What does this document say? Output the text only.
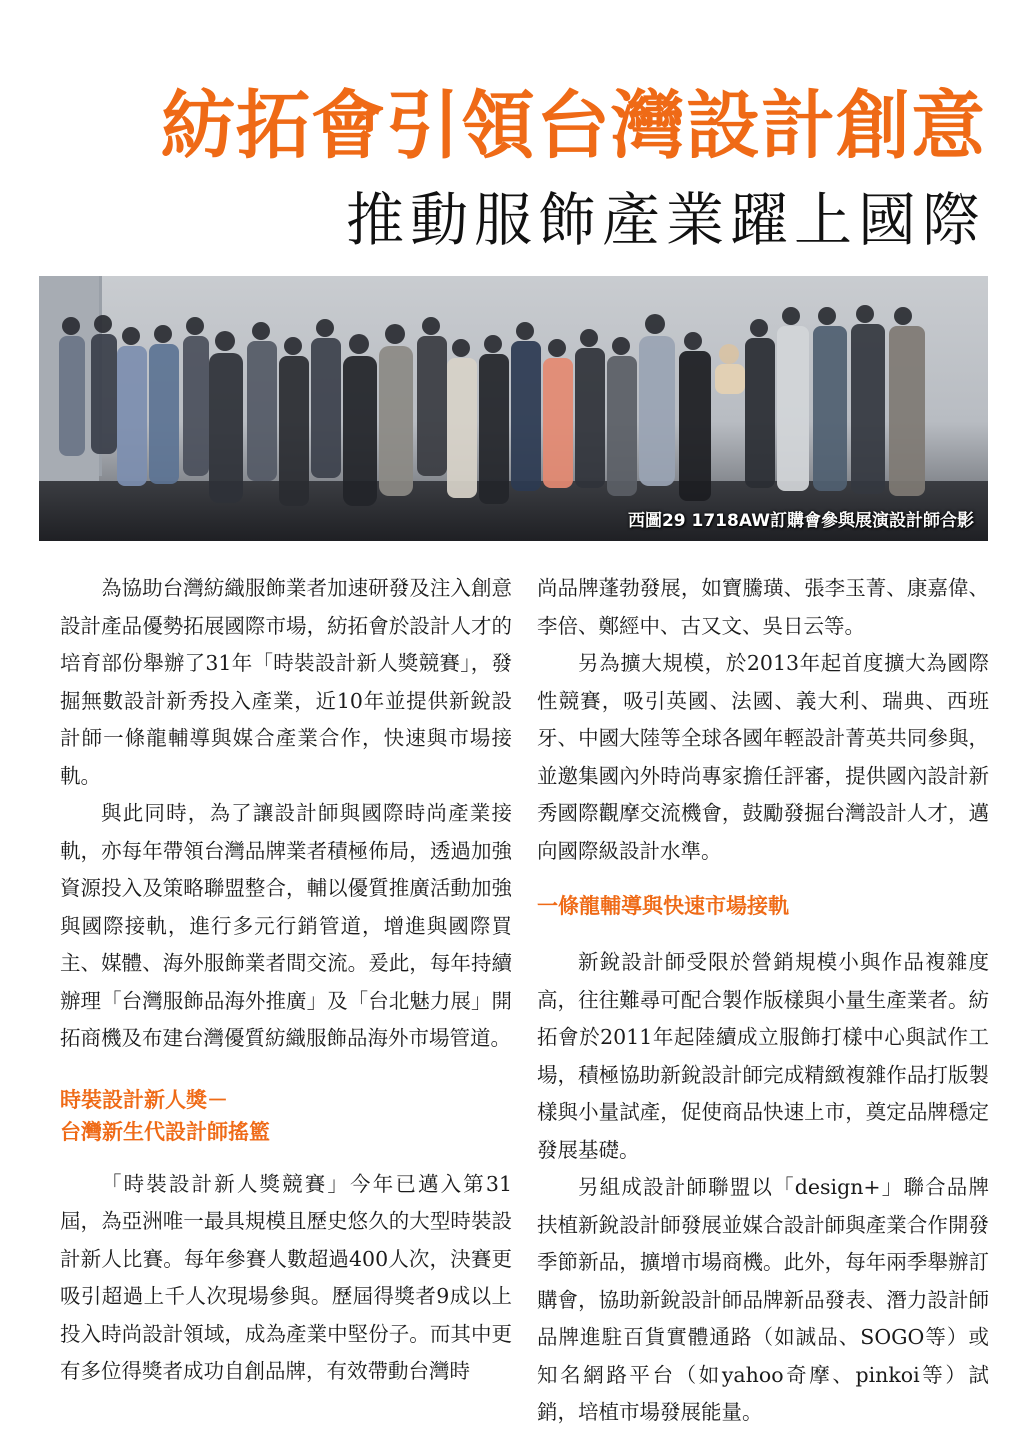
紡拓會引領台灣設計創意
推動服飾產業躍上國際
西圖29 1718AW訂購會參與展演設計師合影

為協助台灣紡織服飾業者加速研發及注入創意設計產品優勢拓展國際市場，紡拓會於設計人才的培育部份舉辦了31年「時裝設計新人獎競賽」，發掘無數設計新秀投入產業，近10年並提供新銳設計師一條龍輔導與媒合產業合作，快速與市場接軌。

與此同時，為了讓設計師與國際時尚產業接軌，亦每年帶領台灣品牌業者積極佈局，透過加強資源投入及策略聯盟整合，輔以優質推廣活動加強與國際接軌，進行多元行銷管道，增進與國際買主、媒體、海外服飾業者間交流。爰此，每年持續辦理「台灣服飾品海外推廣」及「台北魅力展」開拓商機及布建台灣優質紡織服飾品海外市場管道。

時裝設計新人獎－
台灣新生代設計師搖籃

「時裝設計新人獎競賽」今年已邁入第31屆，為亞洲唯一最具規模且歷史悠久的大型時裝設計新人比賽。每年參賽人數超過400人次，決賽更吸引超過上千人次現場參與。歷屆得獎者9成以上投入時尚設計領域，成為產業中堅份子。而其中更有多位得獎者成功自創品牌，有效帶動台灣時

尚品牌蓬勃發展，如寶騰璜、張李玉菁、康嘉偉、李倍、鄭經中、古又文、吳日云等。

另為擴大規模，於2013年起首度擴大為國際性競賽，吸引英國、法國、義大利、瑞典、西班牙、中國大陸等全球各國年輕設計菁英共同參與，並邀集國內外時尚專家擔任評審，提供國內設計新秀國際觀摩交流機會，鼓勵發掘台灣設計人才，邁向國際級設計水準。

一條龍輔導與快速市場接軌

新銳設計師受限於營銷規模小與作品複雜度高，往往難尋可配合製作版樣與小量生產業者。紡拓會於2011年起陸續成立服飾打樣中心與試作工場，積極協助新銳設計師完成精緻複雜作品打版製樣與小量試產，促使商品快速上市，奠定品牌穩定發展基礎。

另組成設計師聯盟以「design+」聯合品牌扶植新銳設計師發展並媒合設計師與產業合作開發季節新品，擴增市場商機。此外，每年兩季舉辦訂購會，協助新銳設計師品牌新品發表、潛力設計師品牌進駐百貨實體通路（如誠品、SOGO等）或知名網路平台（如yahoo奇摩、pinkoi等）試銷，培植市場發展能量。
